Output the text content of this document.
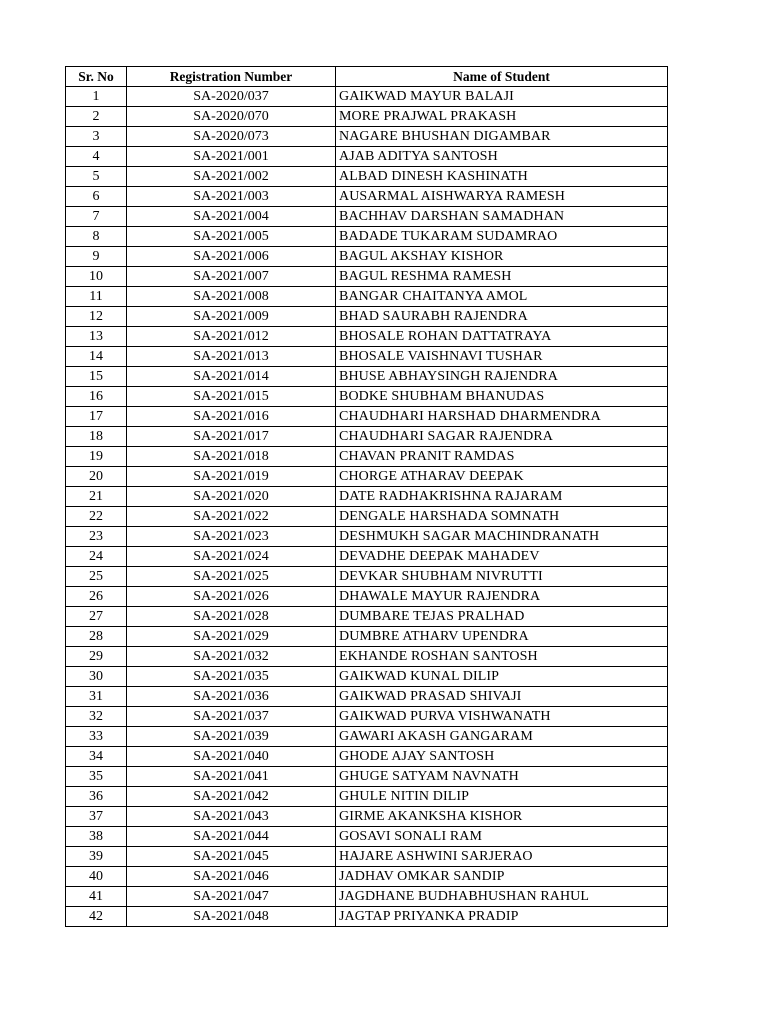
Sr. No	Registration Number	Name of Student
1	SA-2020/037	GAIKWAD MAYUR BALAJI
2	SA-2020/070	MORE PRAJWAL PRAKASH
3	SA-2020/073	NAGARE BHUSHAN DIGAMBAR
4	SA-2021/001	AJAB ADITYA SANTOSH
5	SA-2021/002	ALBAD DINESH KASHINATH
6	SA-2021/003	AUSARMAL AISHWARYA RAMESH
7	SA-2021/004	BACHHAV DARSHAN SAMADHAN
8	SA-2021/005	BADADE TUKARAM SUDAMRAO
9	SA-2021/006	BAGUL AKSHAY KISHOR
10	SA-2021/007	BAGUL RESHMA RAMESH
11	SA-2021/008	BANGAR CHAITANYA AMOL
12	SA-2021/009	BHAD SAURABH RAJENDRA
13	SA-2021/012	BHOSALE ROHAN DATTATRAYA
14	SA-2021/013	BHOSALE VAISHNAVI TUSHAR
15	SA-2021/014	BHUSE ABHAYSINGH RAJENDRA
16	SA-2021/015	BODKE SHUBHAM BHANUDAS
17	SA-2021/016	CHAUDHARI HARSHAD DHARMENDRA
18	SA-2021/017	CHAUDHARI SAGAR RAJENDRA
19	SA-2021/018	CHAVAN PRANIT RAMDAS
20	SA-2021/019	CHORGE ATHARAV DEEPAK
21	SA-2021/020	DATE RADHAKRISHNA RAJARAM
22	SA-2021/022	DENGALE HARSHADA SOMNATH
23	SA-2021/023	DESHMUKH SAGAR MACHINDRANATH
24	SA-2021/024	DEVADHE DEEPAK MAHADEV
25	SA-2021/025	DEVKAR SHUBHAM NIVRUTTI
26	SA-2021/026	DHAWALE MAYUR RAJENDRA
27	SA-2021/028	DUMBARE TEJAS PRALHAD
28	SA-2021/029	DUMBRE ATHARV UPENDRA
29	SA-2021/032	EKHANDE ROSHAN SANTOSH
30	SA-2021/035	GAIKWAD KUNAL DILIP
31	SA-2021/036	GAIKWAD PRASAD SHIVAJI
32	SA-2021/037	GAIKWAD PURVA VISHWANATH
33	SA-2021/039	GAWARI AKASH GANGARAM
34	SA-2021/040	GHODE AJAY SANTOSH
35	SA-2021/041	GHUGE SATYAM NAVNATH
36	SA-2021/042	GHULE NITIN DILIP
37	SA-2021/043	GIRME AKANKSHA KISHOR
38	SA-2021/044	GOSAVI SONALI RAM
39	SA-2021/045	HAJARE ASHWINI SARJERAO
40	SA-2021/046	JADHAV OMKAR SANDIP
41	SA-2021/047	JAGDHANE BUDHABHUSHAN RAHUL
42	SA-2021/048	JAGTAP PRIYANKA PRADIP
